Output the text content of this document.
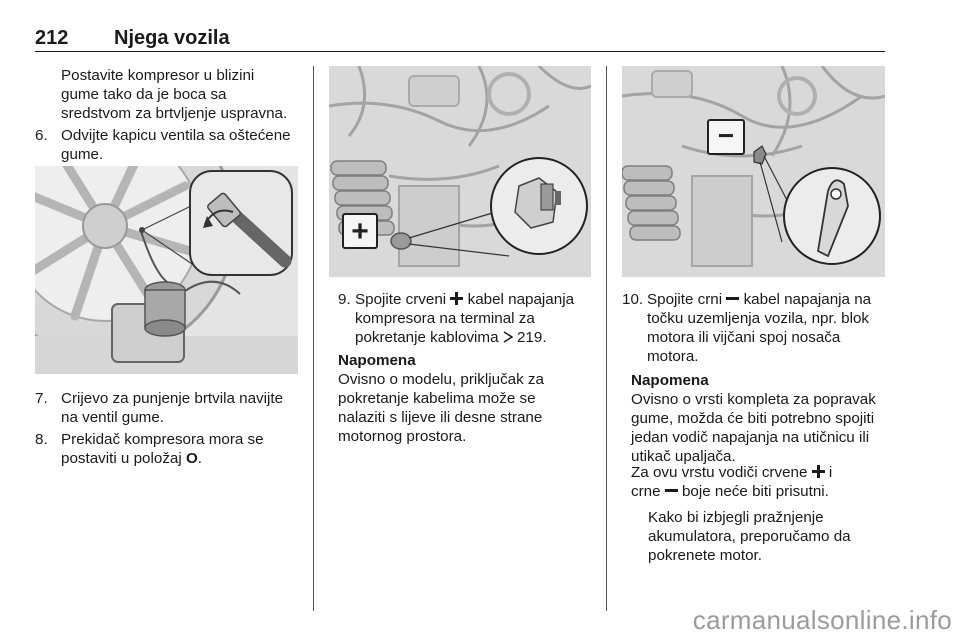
212 Njega vozila
Postavite kompresor u blizini
gume tako da je boca sa
sredstvom za brtvljenje uspravna.
6. Odvijte kapicu ventila sa oštećene
gume.
7. Crijevo za punjenje brtvila navijte
na ventil gume.
8. Prekidač kompresora mora se
postaviti u položaj O.
+
9. Spojite crveni  kabel napajanja
kompresora na terminal za
pokretanje kablovima  219.
Napomena
Ovisno o modelu, priključak za
pokretanje kabelima može se
nalaziti s lijeve ili desne strane
motornog prostora.
−
10. Spojite crni  kabel napajanja na
točku uzemljenja vozila, npr. blok
motora ili vijčani spoj nosača
motora.
Napomena
Ovisno o vrsti kompleta za popravak
gume, možda će biti potrebno spojiti
jedan vodič napajanja na utičnicu ili
utikač upaljača.
Za ovu vrstu vodiči crvene  i
crne  boje neće biti prisutni.
Kako bi izbjegli pražnjenje
akumulatora, preporučamo da
pokrenete motor.
carmanualsonline.info
